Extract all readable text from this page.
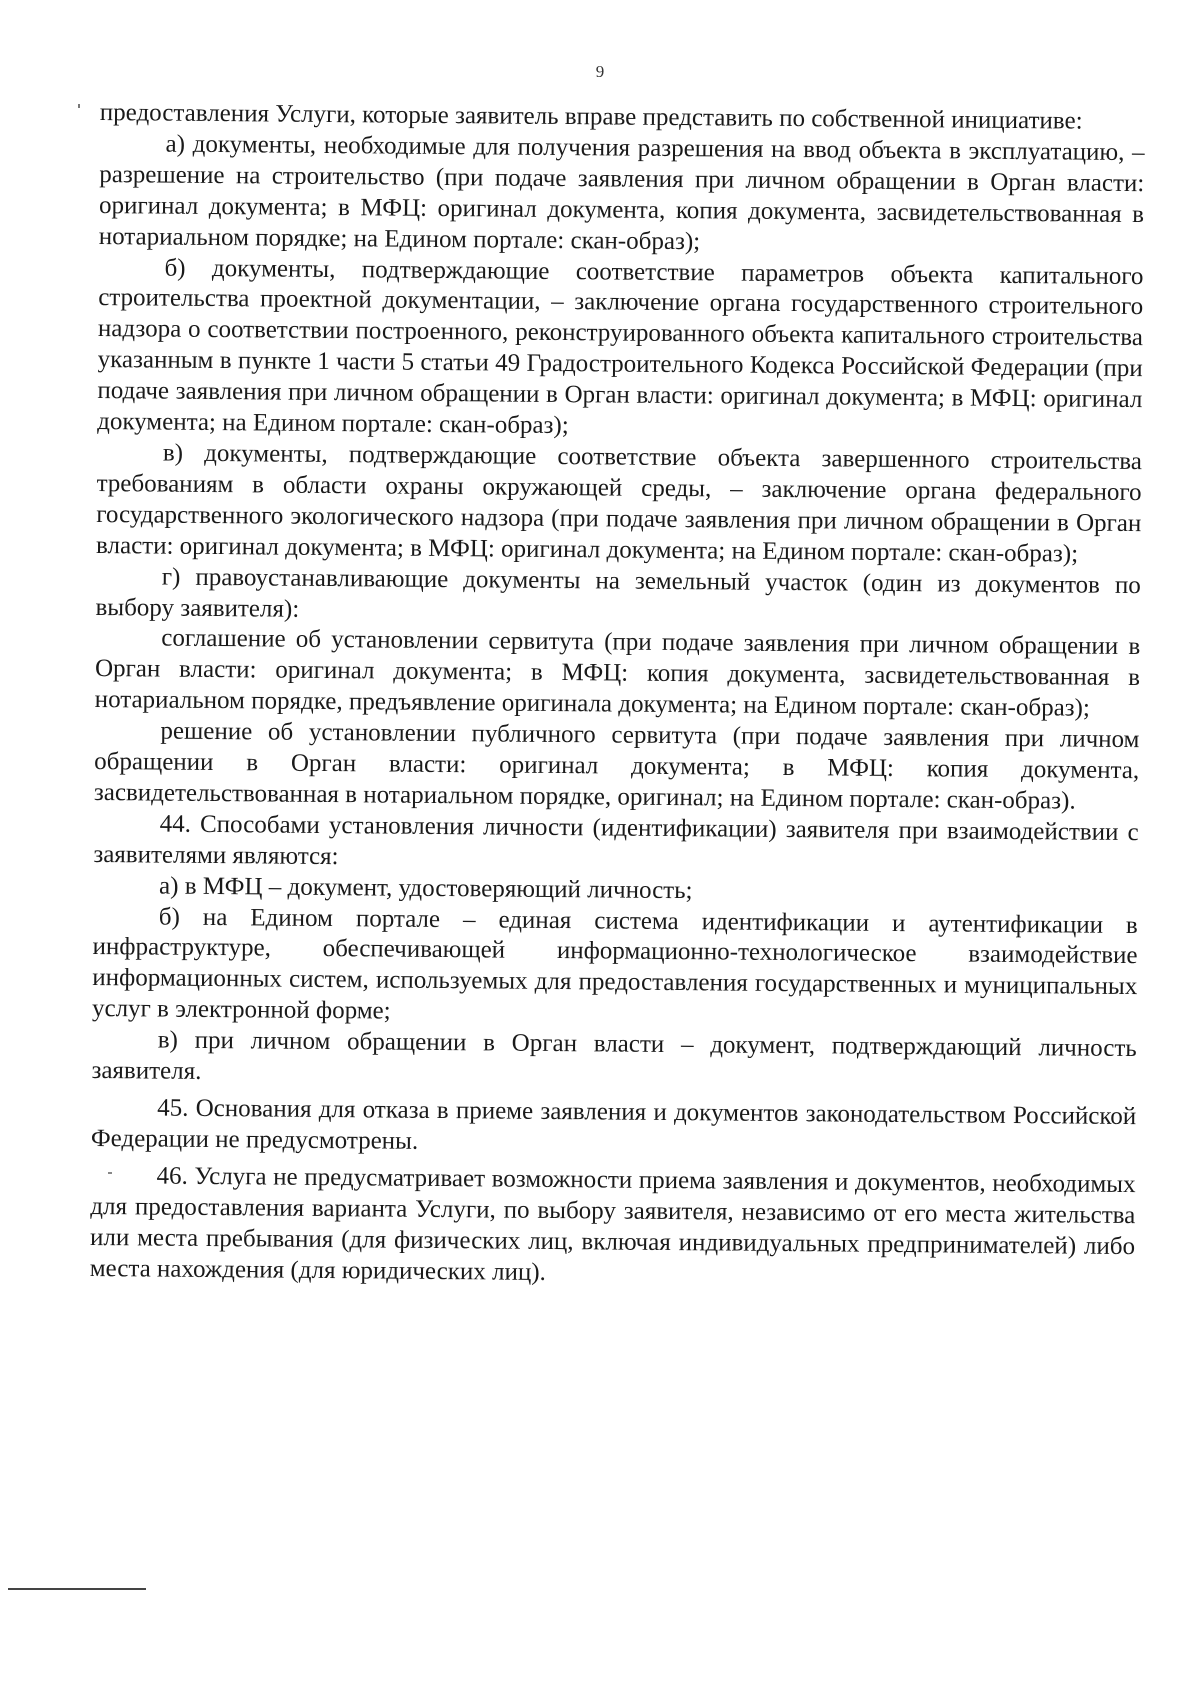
9

предоставления Услуги, которые заявитель вправе представить по собственной инициативе:

а) документы, необходимые для получения разрешения на ввод объекта в эксплуатацию, – разрешение на строительство (при подаче заявления при личном обращении в Орган власти: оригинал документа; в МФЦ: оригинал документа, копия документа, засвидетельствованная в нотариальном порядке; на Едином портале: скан-образ);

б) документы, подтверждающие соответствие параметров объекта капитального строительства проектной документации, – заключение органа государственного строительного надзора о соответствии построенного, реконструированного объекта капитального строительства указанным в пункте 1 части 5 статьи 49 Градостроительного Кодекса Российской Федерации (при подаче заявления при личном обращении в Орган власти: оригинал документа; в МФЦ: оригинал документа; на Едином портале: скан-образ);

в) документы, подтверждающие соответствие объекта завершенного строительства требованиям в области охраны окружающей среды, – заключение органа федерального государственного экологического надзора (при подаче заявления при личном обращении в Орган власти: оригинал документа; в МФЦ: оригинал документа; на Едином портале: скан-образ);

г) правоустанавливающие документы на земельный участок (один из документов по выбору заявителя):

соглашение об установлении сервитута (при подаче заявления при личном обращении в Орган власти: оригинал документа; в МФЦ: копия документа, засвидетельствованная в нотариальном порядке, предъявление оригинала документа; на Едином портале: скан-образ);

решение об установлении публичного сервитута (при подаче заявления при личном обращении в Орган власти: оригинал документа; в МФЦ: копия документа, засвидетельствованная в нотариальном порядке, оригинал; на Едином портале: скан-образ).

44. Способами установления личности (идентификации) заявителя при взаимодействии с заявителями являются:

а) в МФЦ – документ, удостоверяющий личность;

б) на Едином портале – единая система идентификации и аутентификации в инфраструктуре, обеспечивающей информационно-технологическое взаимодействие информационных систем, используемых для предоставления государственных и муниципальных услуг в электронной форме;

в) при личном обращении в Орган власти – документ, подтверждающий личность заявителя.

45. Основания для отказа в приеме заявления и документов законодательством Российской Федерации не предусмотрены.

46. Услуга не предусматривает возможности приема заявления и документов, необходимых для предоставления варианта Услуги, по выбору заявителя, независимо от его места жительства или места пребывания (для физических лиц, включая индивидуальных предпринимателей) либо места нахождения (для юридических лиц).
